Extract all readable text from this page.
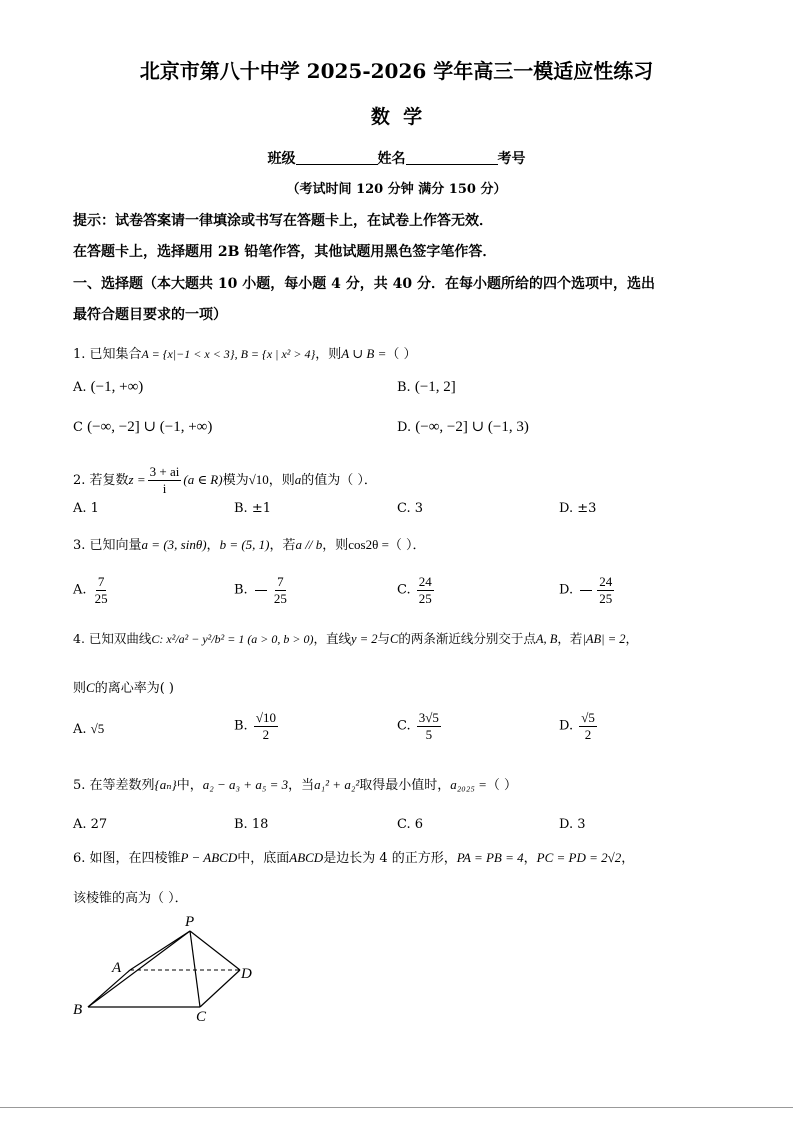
北京市第八十中学 2025-2026 学年高三一模适应性练习
数  学
班级	姓名	考号
（考试时间 120 分钟 满分 150 分）
提示：试卷答案请一律填涂或书写在答题卡上，在试卷上作答无效．
在答题卡上，选择题用 2B 铅笔作答，其他试题用黑色签字笔作答．
一、选择题（本大题共 10 小题，每小题 4 分，共 40 分．在每小题所给的四个选项中，选出
最符合题目要求的一项）
1. 已知集合A = {x|−1 < x < 3}, B = {x | x² > 4}，则A ∪ B =（ ）
A. (−1, +∞)	B. (−1, 2]
C (−∞, −2] ∪ (−1, +∞)	D. (−∞, −2] ∪ (−1, 3)
2. 若复数$z = \frac{3 + ai}{i} (a$ ∈ R)模为√10，则a的值为（ ）．
A. 1	B. ±1	C. 3	D. ±3
3. 已知向量a = (3, sinθ)，b = (5, 1)，若a // b，则cos2θ =（ ）．
A. $\frac{7}{25}$	B. $\frac{7}{25}$	C. $\frac{24}{25}$	D. $\frac{24}{25}$
4. 已知双曲线C: x²/a² − y²/b² = 1 (a > 0, b > 0)，直线y = 2与C的两条渐近线分别交于点A, B，若|AB| = 2，
则C的离心率为( )
A. √5	B. $\frac{√10}{2}$	C. $\frac{3√5}{5}$	D. $\frac{√5}{2}$
5. 在等差数列{aₙ}中，a₂ − a₃ + a₅ = 3，当a₁² + a₂²取得最小值时，a₂₀₂₅ =（ ）
A. 27	B. 18	C. 6	D. 3
6. 如图，在四棱锥P − ABCD中，底面ABCD是边长为 4 的正方形，PA = PB = 4，PC = PD = 2√2，
该棱锥的高为（ ）．
P
A
B	C
D
